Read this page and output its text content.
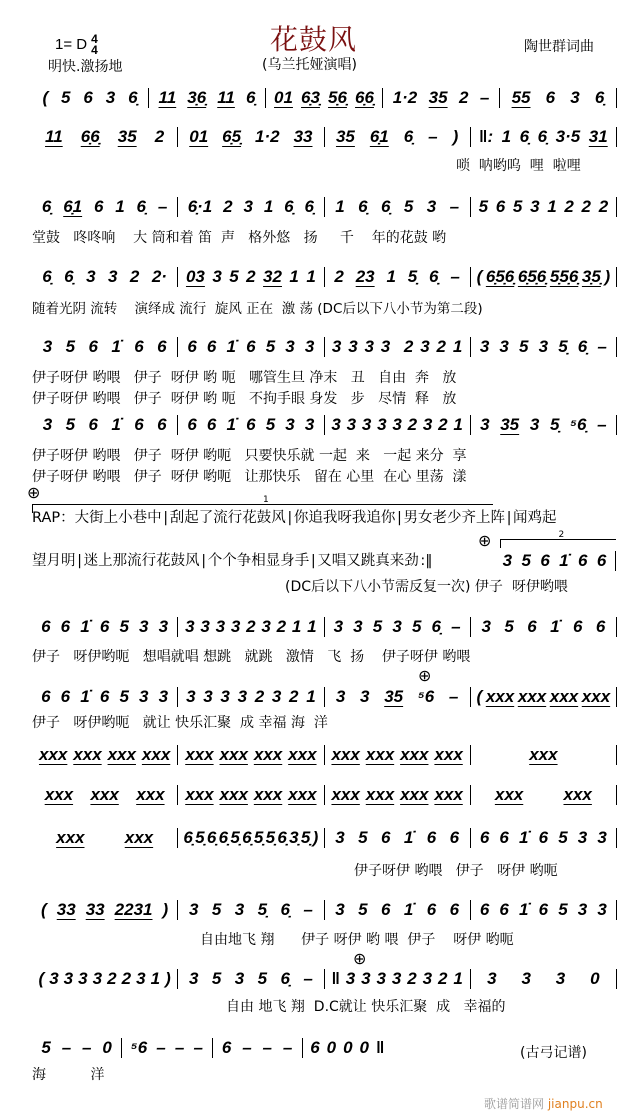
花鼓风
(乌兰托娅演唱)
1= D 4
4
明快.激扬地
陶世群词曲
( 5 6 3 6̣ 11 3̣6̣ 11 6̣ 01 6̣3̣ 5̣6̣ 6̣6̣ 1·2 35 2 – 55 6 3 6̣
11 6̣6̣ 35 2 01 6̣5̣ 1·2 33 35 6̣1 6̣ – ) ‖: 1 6̣ 6̣ 3·5 31
唢  呐哟呜  哩  啦哩
6̣ 6̣1 6 1 6̣ – 6̣·1 2 3 1 6̣ 6̣ 1 6̣ 6̣ 5 3 – 5 6 5 3 1 2 2 2
堂鼓   咚咚响    大 筒和着 笛  声   格外悠   扬     千    年的花鼓 哟
6̣ 6̣ 3 3 2 2· 03 3 5 2 32 1 1 2 23 1 5̣ 6̣ – ( 6̣5̣6̣ 6̣5̣6̣ 5̣5̣6̣ 3̣5̣ )
随着光阴 流转    演绎成 流行  旋风 正在  激 荡 (DC后以下八小节为第二段)
3 5 6 1̇ 6 6 6 6 1̇ 6 5 3 3 3 3 3 3 2 3 2 1 3 3 5 3 5̣ 6̣ –
伊子呀伊 哟喂   伊子  呀伊 哟 呃   哪管生旦 净末   丑   自由  奔   放
伊子呀伊 哟喂   伊子  呀伊 哟 呃   不拘手眼 身发   步   尽情  释   放
3 5 6 1̇ 6 6 6 6 1̇ 6 5 3 3 3 3 3 3 3 2 3 2 1 3 35 3 5̣ ⁵6̣ –
伊子呀伊 哟喂   伊子  呀伊 哟呃   只要快乐就 一起  来   一起 来分  享
伊子呀伊 哟喂   伊子  呀伊 哟呃   让那快乐   留在 心里  在心 里荡  漾
⊕	1
RAP：大街上小巷中 | 刮起了流行花鼓风 | 你追我呀我追你 | 男女老少齐上阵 | 闻鸡起
2
⊕
望月明 | 迷上那流行花鼓风 | 个个争相显身手 | 又唱又跳真来劲 :‖	3 5 6 1̇ 6 6
(DC后以下八小节需反复一次) 伊子  呀伊哟喂
6 6 1̇ 6 5 3 3 3 3 3 3 2 3 2 1 1 3 3 5 3 5 6̣ – 3 5 6 1̇ 6 6
伊子   呀伊哟呃   想唱就唱 想跳   就跳   激情   飞  扬    伊子呀伊 哟喂
⊕
6 6 1̇ 6 5 3 3 3 3 3 3 2 3 2 1 3 3 35 ⁵6 – ( xxx xxx xxx xxx
伊子   呀伊哟呃   就让 快乐汇聚  成 幸福 海  洋
xxx xxx xxx xxx xxx xxx xxx xxx xxx xxx xxx xxx	xxx
xxx xxx xxx xxx xxx xxx xxx xxx xxx xxx xxx xxx xxx
xxx xxx 6̣ 5̣ 6̣ 6̣ 5̣ 6̣ 5̣ 5̣ 6̣ 3̣ 5̣ ) 3 5 6 1̇ 6 6 6 6 1̇ 6 5 3 3
伊子呀伊 哟喂   伊子   呀伊 哟呃
( 33 33 2231 ) 3 5 3 5̣ 6̣ – 3 5 6 1̇ 6 6 6 6 1̇ 6 5 3 3
自由地飞 翔      伊子 呀伊 哟 喂  伊子    呀伊 哟呃
⊕
( 3 3 3 3 2 2 3 1 ) 3 5 3 5 6̣ – ‖ 3 3 3 3 2 3 2 1 3 3 3 0
自由 地飞 翔  D.C就让 快乐汇聚  成   幸福的
5 – – 0 ⁵6 – – – 6 – – – 6 0 0 0 ‖
海          洋
(古弓记谱)
歌谱简谱网 jianpu.cn
